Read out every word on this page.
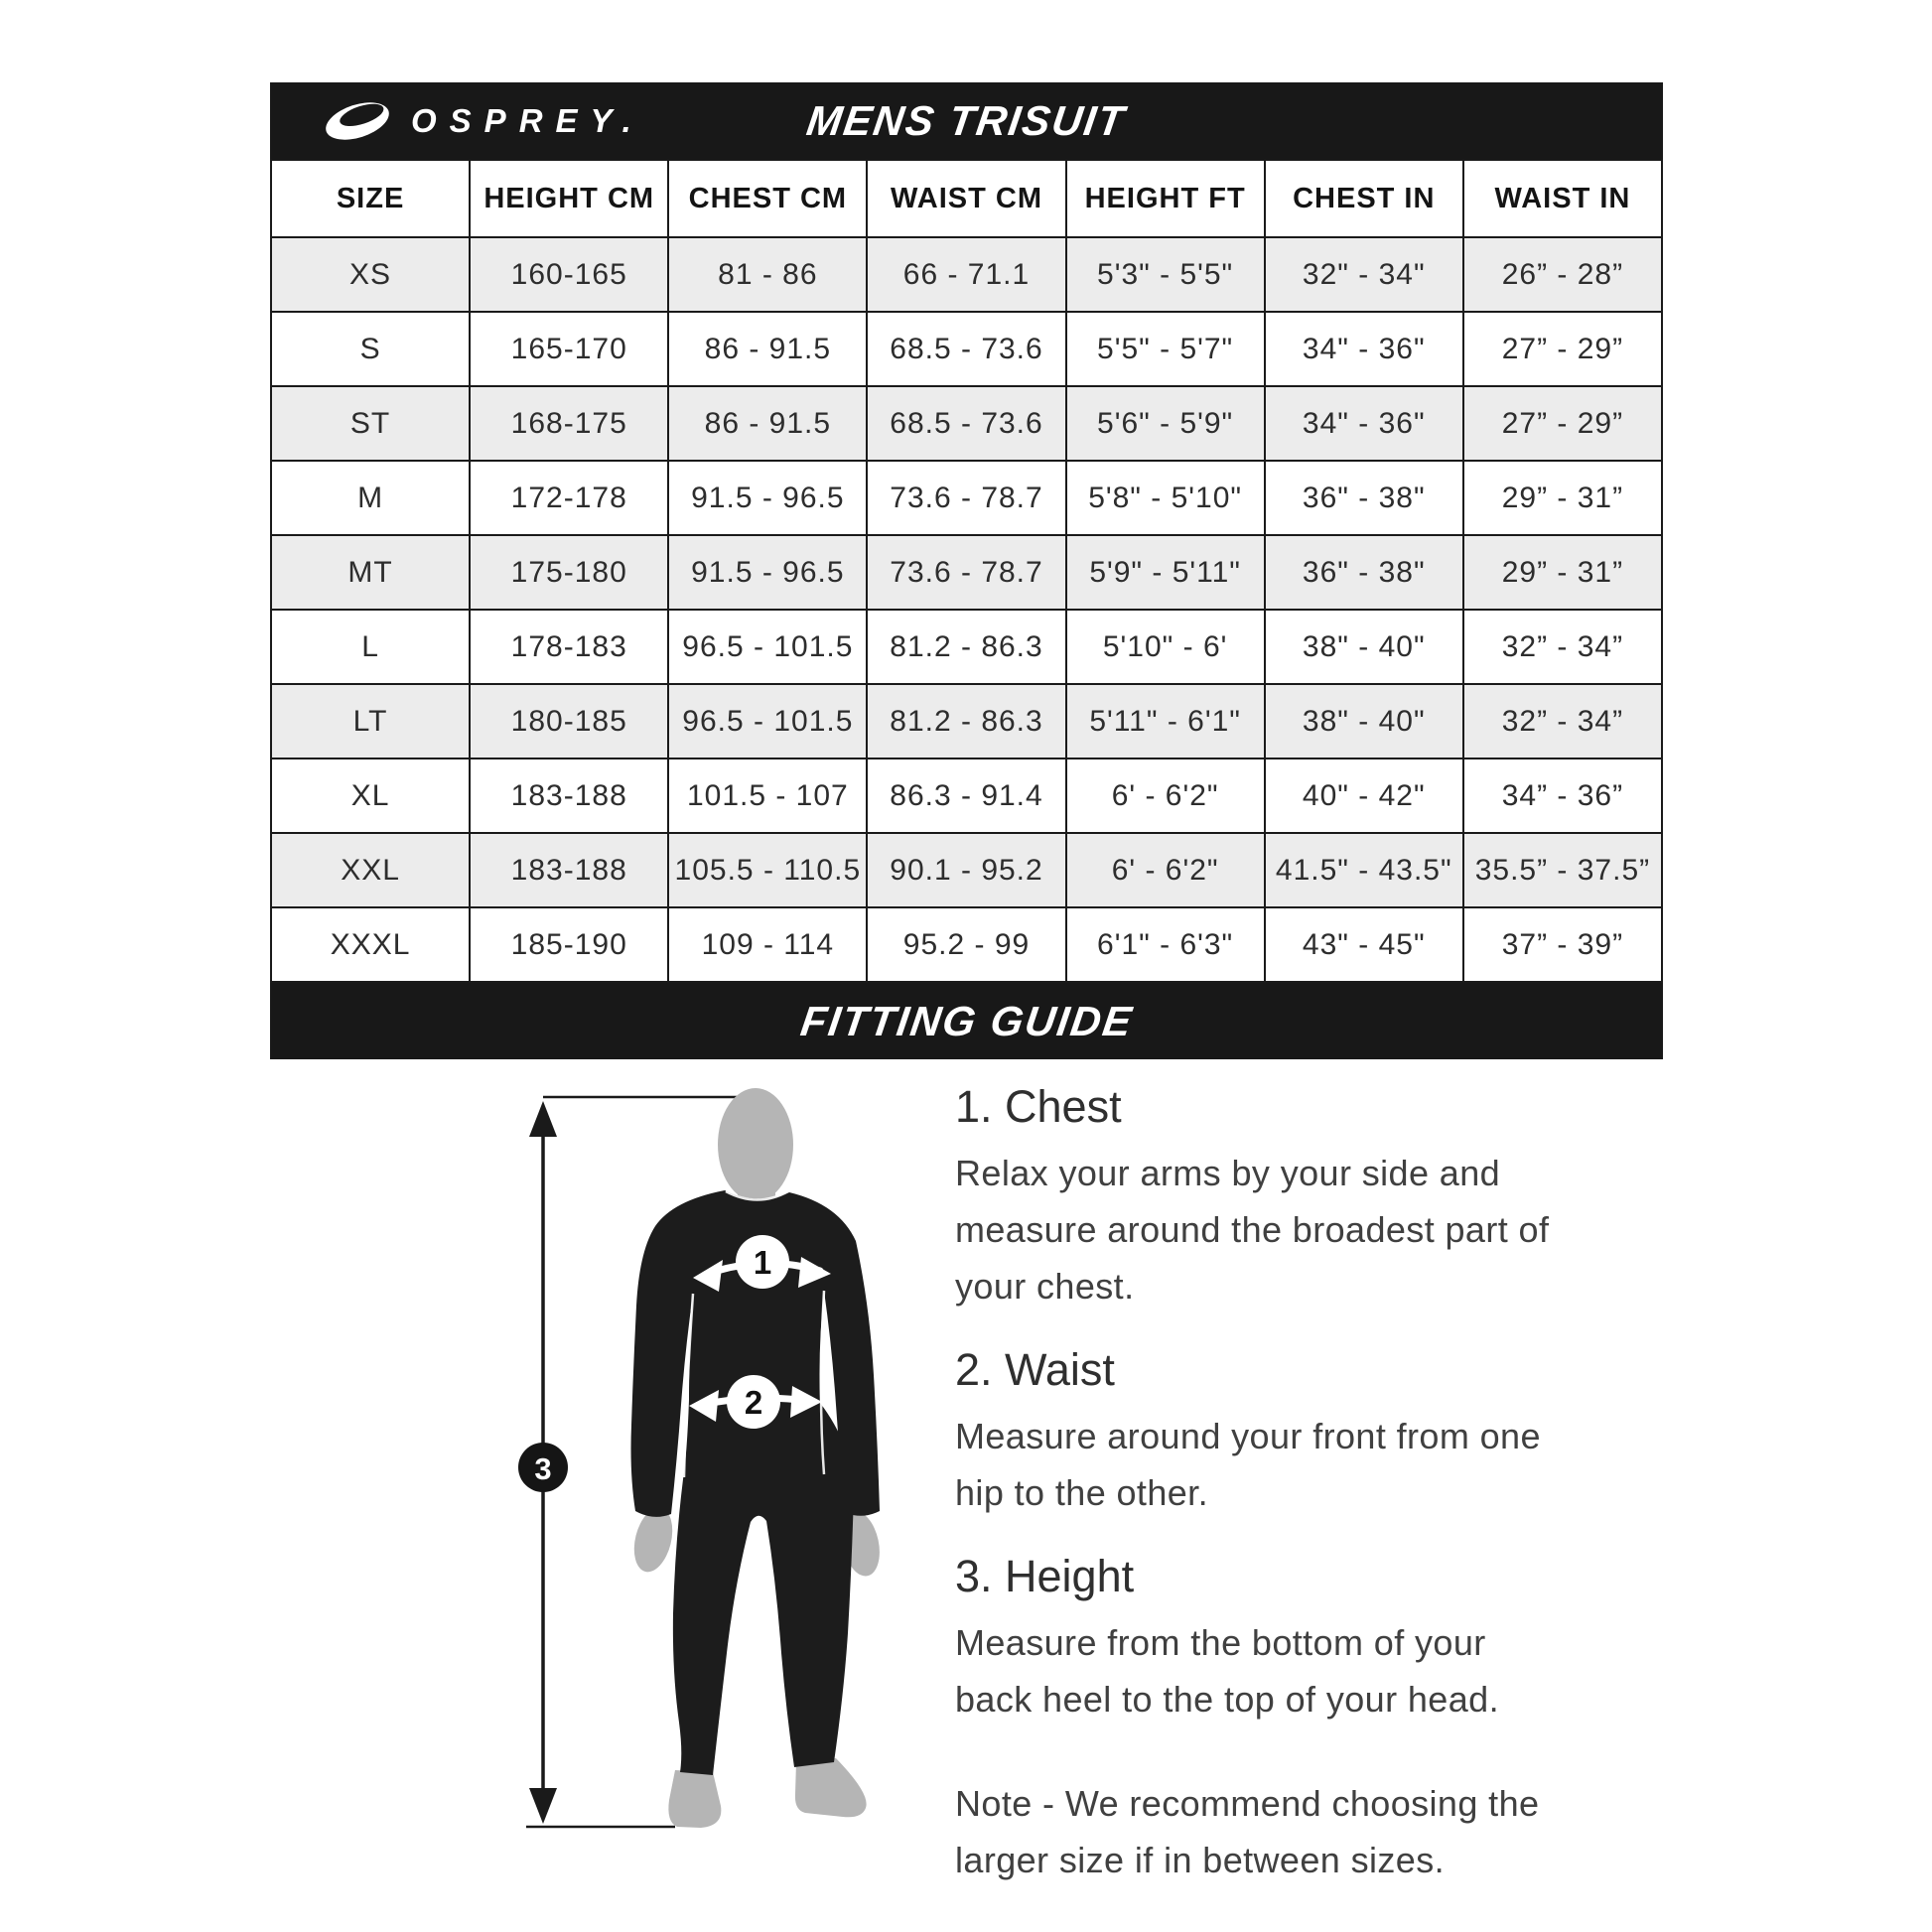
OSPREY.	MENS TRISUIT
SIZE	HEIGHT CM	CHEST CM	WAIST CM	HEIGHT FT	CHEST IN	WAIST IN
XS	160-165	81 - 86	66 - 71.1	5'3" - 5'5"	32" - 34"	26” - 28”
S	165-170	86 - 91.5	68.5 - 73.6	5'5" - 5'7"	34" - 36"	27” - 29”
ST	168-175	86 - 91.5	68.5 - 73.6	5'6" - 5'9"	34" - 36"	27” - 29”
M	172-178	91.5 - 96.5	73.6 - 78.7	5'8" - 5'10"	36" - 38"	29” - 31”
MT	175-180	91.5 - 96.5	73.6 - 78.7	5'9" - 5'11"	36" - 38"	29” - 31”
L	178-183	96.5 - 101.5	81.2 - 86.3	5'10" - 6'	38" - 40"	32” - 34”
LT	180-185	96.5 - 101.5	81.2 - 86.3	5'11" - 6'1"	38" - 40"	32” - 34”
XL	183-188	101.5 - 107	86.3 - 91.4	6' - 6'2"	40" - 42"	34” - 36”
XXL	183-188	105.5 - 110.5	90.1 - 95.2	6' - 6'2"	41.5" - 43.5"	35.5” - 37.5”
XXXL	185-190	109 - 114	95.2 - 99	6'1" - 6'3"	43" - 45"	37” - 39”
FITTING GUIDE
1
2
3
1. Chest

Relax your arms by your side and measure around the broadest part of your chest.

2. Waist

Measure around your front from one hip to the other.

3. Height

Measure from the bottom of your back heel to the top of your head.

Note - We recommend choosing the larger size if in between sizes.
